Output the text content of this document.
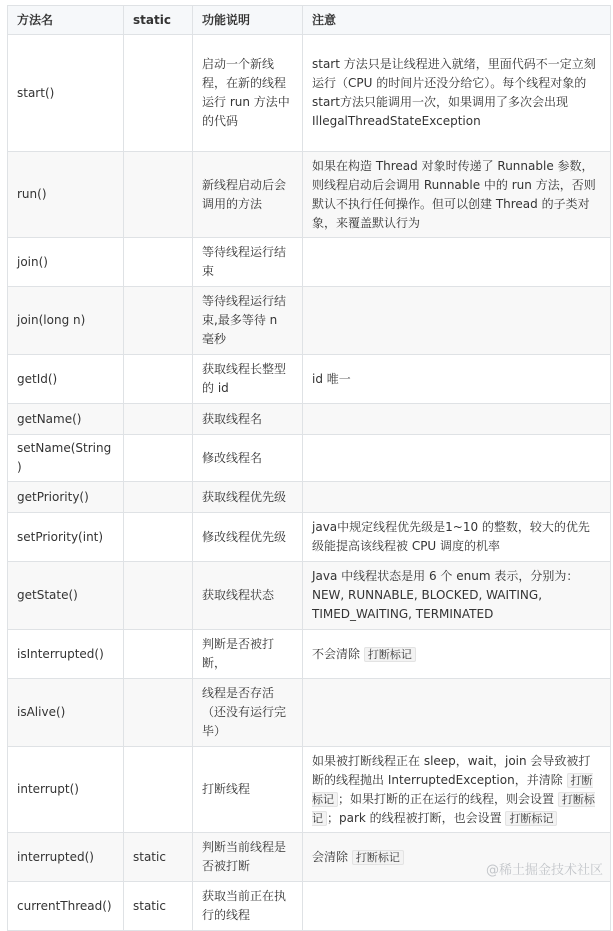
方法名	static	功能说明	注意
start()		启动一个新线程，在新的线程运行 run 方法中的代码	start 方法只是让线程进入就绪，里面代码不一定立刻运行（CPU 的时间片还没分给它）。每个线程对象的start方法只能调用一次，如果调用了多次会出现IllegalThreadStateException
run()		新线程启动后会调用的方法	如果在构造 Thread 对象时传递了 Runnable 参数，则线程启动后会调用 Runnable 中的 run 方法，否则默认不执行任何操作。但可以创建 Thread 的子类对象，来覆盖默认行为
join()		等待线程运行结束	
join(long n)		等待线程运行结束,最多等待 n 毫秒	
getId()		获取线程长整型的 id	id 唯一
getName()		获取线程名	
setName(String)		修改线程名	
getPriority()		获取线程优先级	
setPriority(int)		修改线程优先级	java中规定线程优先级是1~10 的整数，较大的优先级能提高该线程被 CPU 调度的机率
getState()		获取线程状态	Java 中线程状态是用 6 个 enum 表示，分别为：NEW, RUNNABLE, BLOCKED, WAITING, TIMED_WAITING, TERMINATED
isInterrupted()		判断是否被打断，	不会清除 打断标记
isAlive()		线程是否存活（还没有运行完毕）	
interrupt()		打断线程	如果被打断线程正在 sleep，wait，join 会导致被打断的线程抛出 InterruptedException，并清除 打断标记 ；如果打断的正在运行的线程，则会设置 打断标记 ；park 的线程被打断，也会设置 打断标记
interrupted()	static	判断当前线程是否被打断	会清除 打断标记
currentThread()	static	获取当前正在执行的线程	
@稀土掘金技术社区
